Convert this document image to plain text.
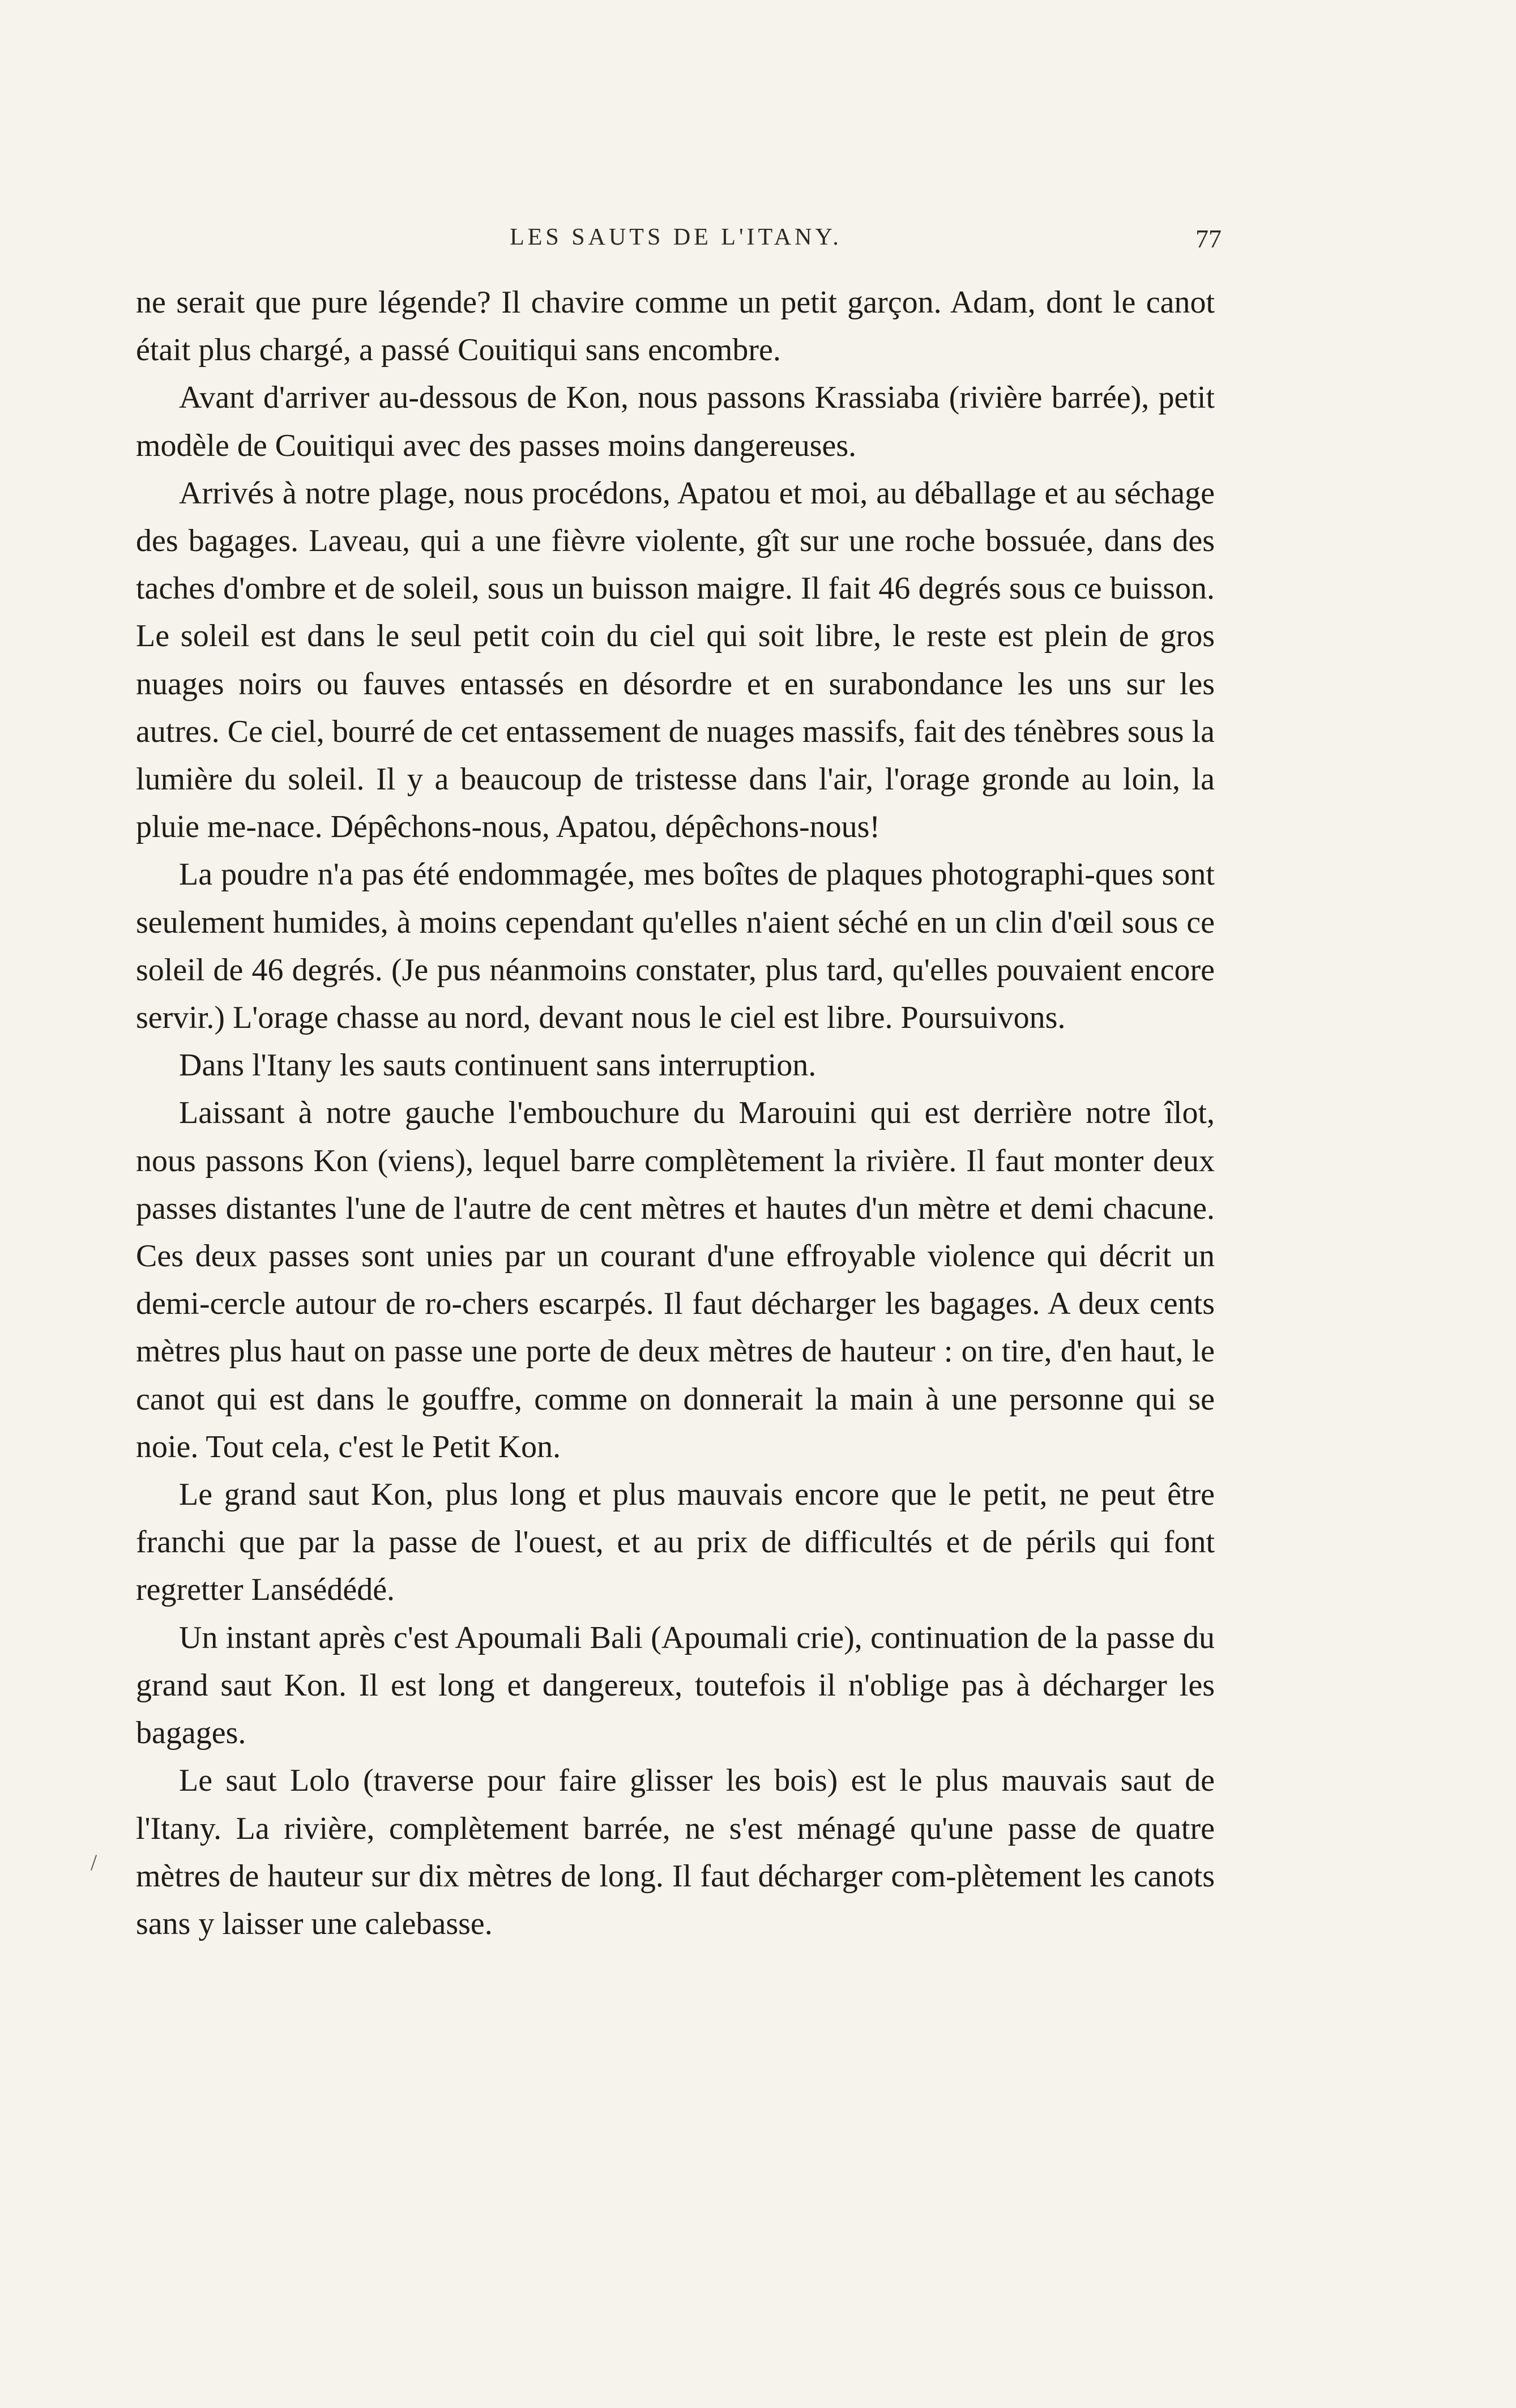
LES SAUTS DE L'ITANY.	77

ne serait que pure légende? Il chavire comme un petit garçon. Adam, dont le canot était plus chargé, a passé Couitiqui sans encombre.

Avant d'arriver au-dessous de Kon, nous passons Krassiaba (rivière barrée), petit modèle de Couitiqui avec des passes moins dangereuses.

Arrivés à notre plage, nous procédons, Apatou et moi, au déballage et au séchage des bagages. Laveau, qui a une fièvre violente, gît sur une roche bossuée, dans des taches d'ombre et de soleil, sous un buisson maigre. Il fait 46 degrés sous ce buisson. Le soleil est dans le seul petit coin du ciel qui soit libre, le reste est plein de gros nuages noirs ou fauves entassés en désordre et en surabondance les uns sur les autres. Ce ciel, bourré de cet entassement de nuages massifs, fait des ténèbres sous la lumière du soleil. Il y a beaucoup de tristesse dans l'air, l'orage gronde au loin, la pluie me-nace. Dépêchons-nous, Apatou, dépêchons-nous!

La poudre n'a pas été endommagée, mes boîtes de plaques photographi-ques sont seulement humides, à moins cependant qu'elles n'aient séché en un clin d'œil sous ce soleil de 46 degrés. (Je pus néanmoins constater, plus tard, qu'elles pouvaient encore servir.) L'orage chasse au nord, devant nous le ciel est libre. Poursuivons.

Dans l'Itany les sauts continuent sans interruption.

Laissant à notre gauche l'embouchure du Marouini qui est derrière notre îlot, nous passons Kon (viens), lequel barre complètement la rivière. Il faut monter deux passes distantes l'une de l'autre de cent mètres et hautes d'un mètre et demi chacune. Ces deux passes sont unies par un courant d'une effroyable violence qui décrit un demi-cercle autour de ro-chers escarpés. Il faut décharger les bagages. A deux cents mètres plus haut on passe une porte de deux mètres de hauteur : on tire, d'en haut, le canot qui est dans le gouffre, comme on donnerait la main à une personne qui se noie. Tout cela, c'est le Petit Kon.

Le grand saut Kon, plus long et plus mauvais encore que le petit, ne peut être franchi que par la passe de l'ouest, et au prix de difficultés et de périls qui font regretter Lansédédé.

Un instant après c'est Apoumali Bali (Apoumali crie), continuation de la passe du grand saut Kon. Il est long et dangereux, toutefois il n'oblige pas à décharger les bagages.

Le saut Lolo (traverse pour faire glisser les bois) est le plus mauvais saut de l'Itany. La rivière, complètement barrée, ne s'est ménagé qu'une passe de quatre mètres de hauteur sur dix mètres de long. Il faut décharger com-plètement les canots sans y laisser une calebasse.

/
